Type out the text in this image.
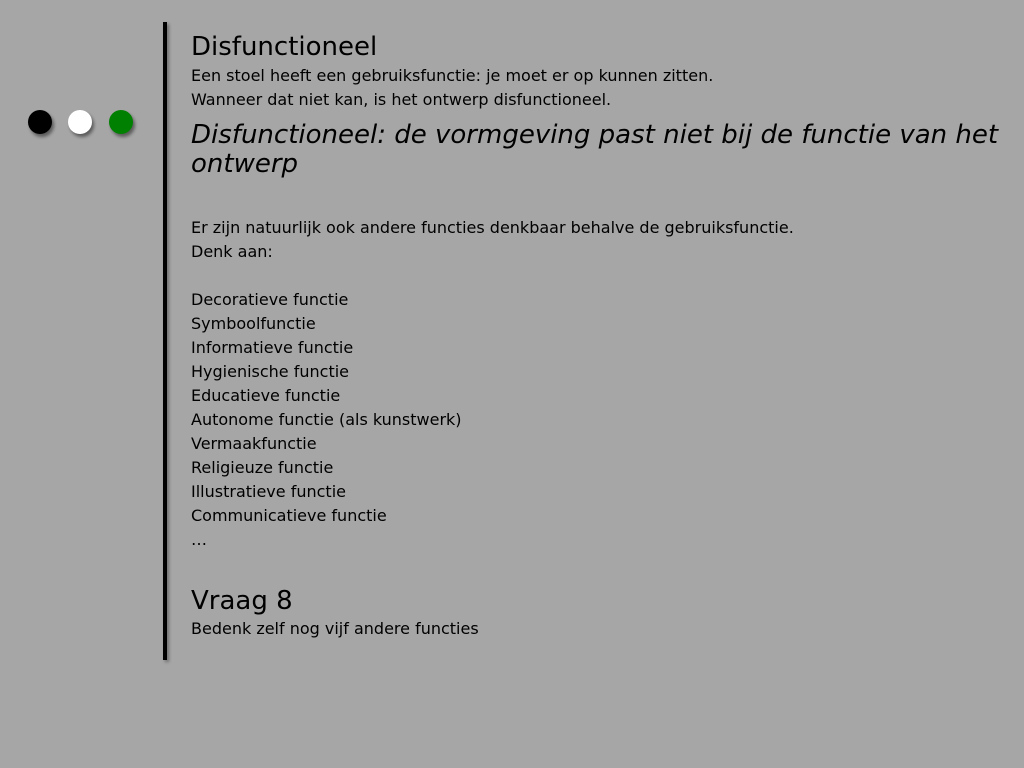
Disfunctioneel

Een stoel heeft een gebruiksfunctie: je moet er op kunnen zitten.

Wanneer dat niet kan, is het ontwerp disfunctioneel.

Disfunctioneel: de vormgeving past niet bij de functie van het ontwerp

Er zijn natuurlijk ook andere functies denkbaar behalve de gebruiksfunctie.

Denk aan:

Decoratieve functie
Symboolfunctie
Informatieve functie
Hygienische functie
Educatieve functie
Autonome functie (als kunstwerk)
Vermaakfunctie
Religieuze functie
Illustratieve functie
Communicatieve functie
…
Vraag 8

Bedenk zelf nog vijf andere functies
